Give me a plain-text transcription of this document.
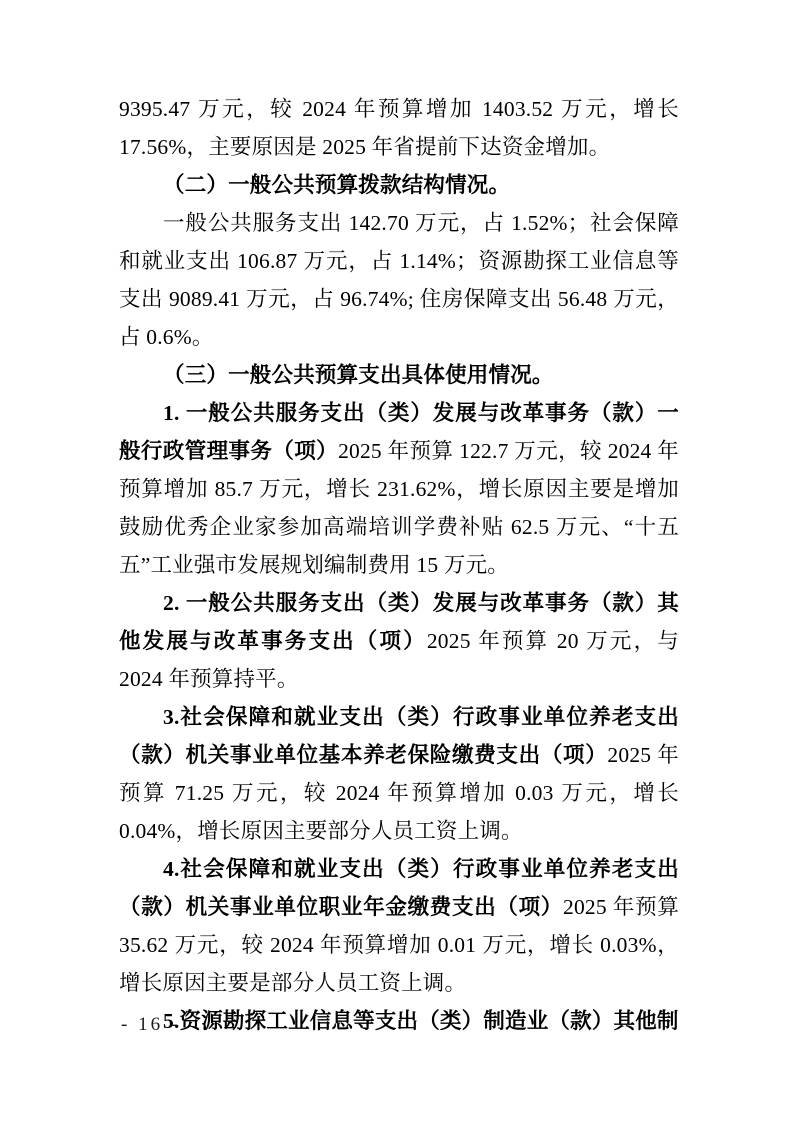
9395.47 万元，较 2024 年预算增加 1403.52 万元，增长 17.56%，主要原因是 2025 年省提前下达资金增加。

（二）一般公共预算拨款结构情况。

一般公共服务支出 142.70 万元，占 1.52%；社会保障和就业支出 106.87 万元，占 1.14%；资源勘探工业信息等支出 9089.41 万元，占 96.74%; 住房保障支出 56.48 万元，占 0.6%。

（三）一般公共预算支出具体使用情况。

1. 一般公共服务支出（类）发展与改革事务（款）一般行政管理事务（项）2025 年预算 122.7 万元，较 2024 年预算增加 85.7 万元，增长 231.62%，增长原因主要是增加鼓励优秀企业家参加高端培训学费补贴 62.5 万元、“十五五”工业强市发展规划编制费用 15 万元。

2. 一般公共服务支出（类）发展与改革事务（款）其他发展与改革事务支出（项）2025 年预算 20 万元，与 2024 年预算持平。

3.社会保障和就业支出（类）行政事业单位养老支出（款）机关事业单位基本养老保险缴费支出（项）2025 年预算 71.25 万元，较 2024 年预算增加 0.03 万元，增长 0.04%，增长原因主要部分人员工资上调。

4.社会保障和就业支出（类）行政事业单位养老支出（款）机关事业单位职业年金缴费支出（项）2025 年预算 35.62 万元，较 2024 年预算增加 0.01 万元，增长 0.03%，增长原因主要是部分人员工资上调。

5.资源勘探工业信息等支出（类）制造业（款）其他制

- 16 -
